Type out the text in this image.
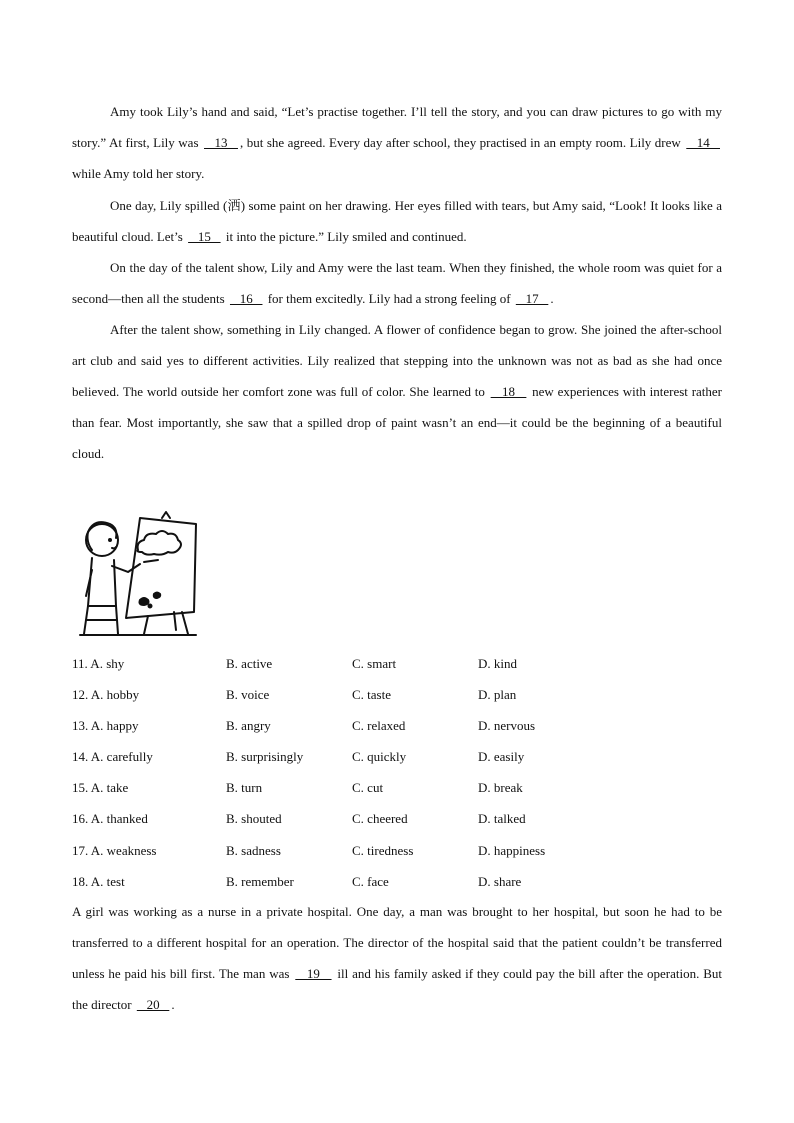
Amy took Lily’s hand and said, “Let’s practise together. I’ll tell the story, and you can draw pictures to go with my story.” At first, Lily was    13   , but she agreed. Every day after school, they practised in an empty room. Lily drew    14    while Amy told her story.

One day, Lily spilled (洒) some paint on her drawing. Her eyes filled with tears, but Amy said, “Look! It looks like a beautiful cloud. Let’s    15    it into the picture.” Lily smiled and continued.

On the day of the talent show, Lily and Amy were the last team. When they finished, the whole room was quiet for a second—then all the students    16    for them excitedly. Lily had a strong feeling of    17   .

After the talent show, something in Lily changed. A flower of confidence began to grow. She joined the after-school art club and said yes to different activities. Lily realized that stepping into the unknown was not as bad as she had once believed. The world outside her comfort zone was full of color. She learned to    18    new experiences with interest rather than fear. Most importantly, she saw that a spilled drop of paint wasn’t an end—it could be the beginning of a beautiful cloud.

11. A. shy	B. active	C. smart	D. kind
12. A. hobby	B. voice	C. taste	D. plan
13. A. happy	B. angry	C. relaxed	D. nervous
14. A. carefully	B. surprisingly	C. quickly	D. easily
15. A. take	B. turn	C. cut	D. break
16. A. thanked	B. shouted	C. cheered	D. talked
17. A. weakness	B. sadness	C. tiredness	D. happiness
18. A. test	B. remember	C. face	D. share

A girl was working as a nurse in a private hospital. One day, a man was brought to her hospital, but soon he had to be transferred to a different hospital for an operation. The director of the hospital said that the patient couldn’t be transferred unless he paid his bill first. The man was    19    ill and his family asked if they could pay the bill after the operation. But the director    20   .
